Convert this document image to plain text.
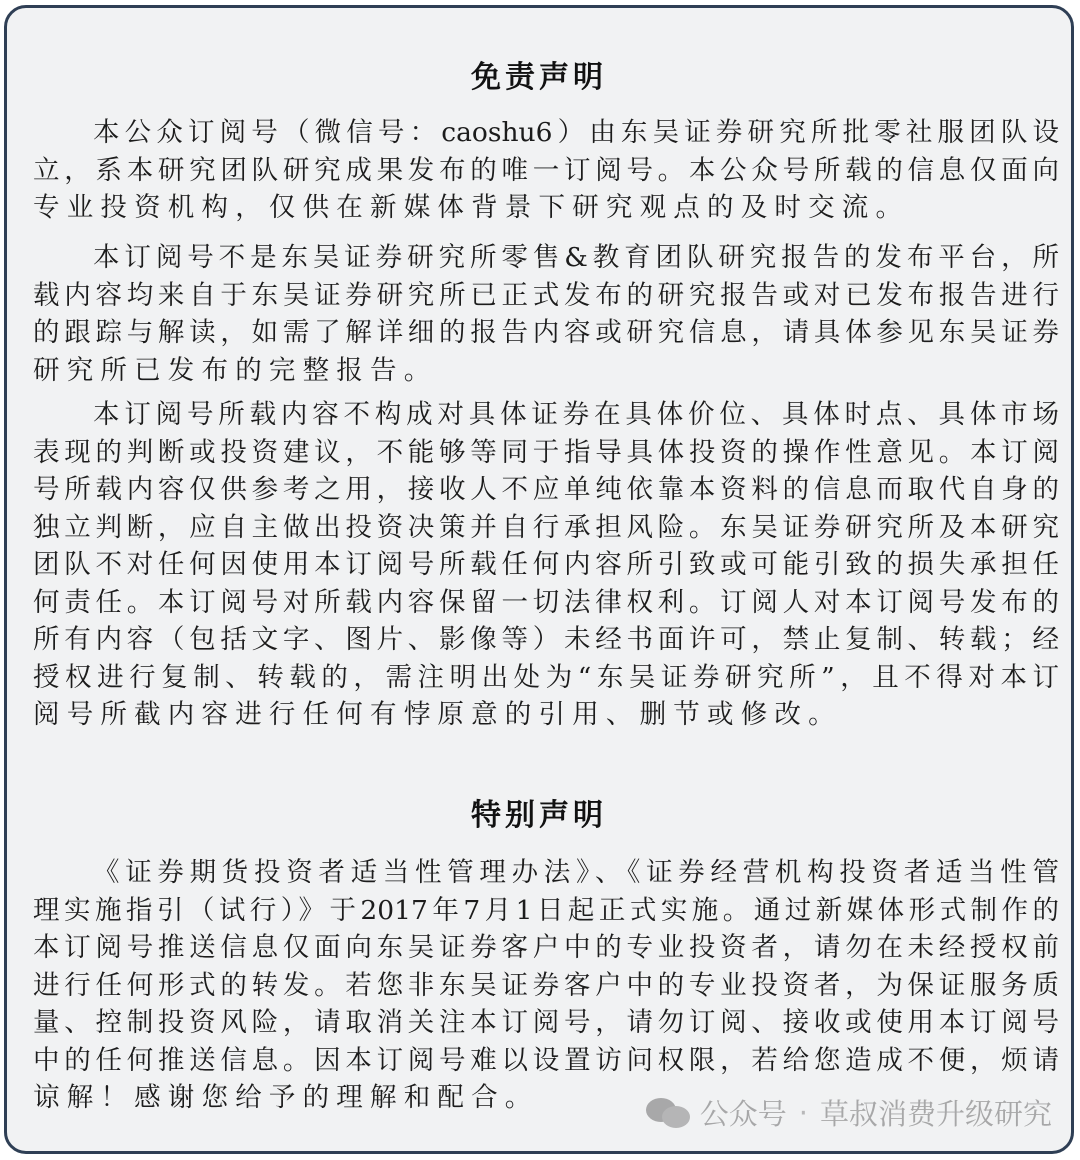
免责声明
本公众订阅号（微信号：caoshu6）由东吴证券研究所批零社服团队设
立，系本研究团队研究成果发布的唯一订阅号。本公众号所载的信息仅面向
专业投资机构，仅供在新媒体背景下研究观点的及时交流。
本订阅号不是东吴证券研究所零售&教育团队研究报告的发布平台，所
载内容均来自于东吴证券研究所已正式发布的研究报告或对已发布报告进行
的跟踪与解读，如需了解详细的报告内容或研究信息，请具体参见东吴证券
研究所已发布的完整报告。
本订阅号所载内容不构成对具体证券在具体价位、具体时点、具体市场
表现的判断或投资建议，不能够等同于指导具体投资的操作性意见。本订阅
号所载内容仅供参考之用，接收人不应单纯依靠本资料的信息而取代自身的
独立判断，应自主做出投资决策并自行承担风险。东吴证券研究所及本研究
团队不对任何因使用本订阅号所载任何内容所引致或可能引致的损失承担任
何责任。本订阅号对所载内容保留一切法律权利。订阅人对本订阅号发布的
所有内容（包括文字、图片、影像等）未经书面许可，禁止复制、转载；经
授权进行复制、转载的，需注明出处为“东吴证券研究所”，且不得对本订
阅号所截内容进行任何有悖原意的引用、删节或修改。
特别声明
《证券期货投资者适当性管理办法》、《证券经营机构投资者适当性管
理实施指引（试行）》于2017年7月1日起正式实施。通过新媒体形式制作的
本订阅号推送信息仅面向东吴证券客户中的专业投资者，请勿在未经授权前
进行任何形式的转发。若您非东吴证券客户中的专业投资者，为保证服务质
量、控制投资风险，请取消关注本订阅号，请勿订阅、接收或使用本订阅号
中的任何推送信息。因本订阅号难以设置访问权限，若给您造成不便，烦请
谅解！感谢您给予的理解和配合。	公众号 · 草叔消费升级研究
